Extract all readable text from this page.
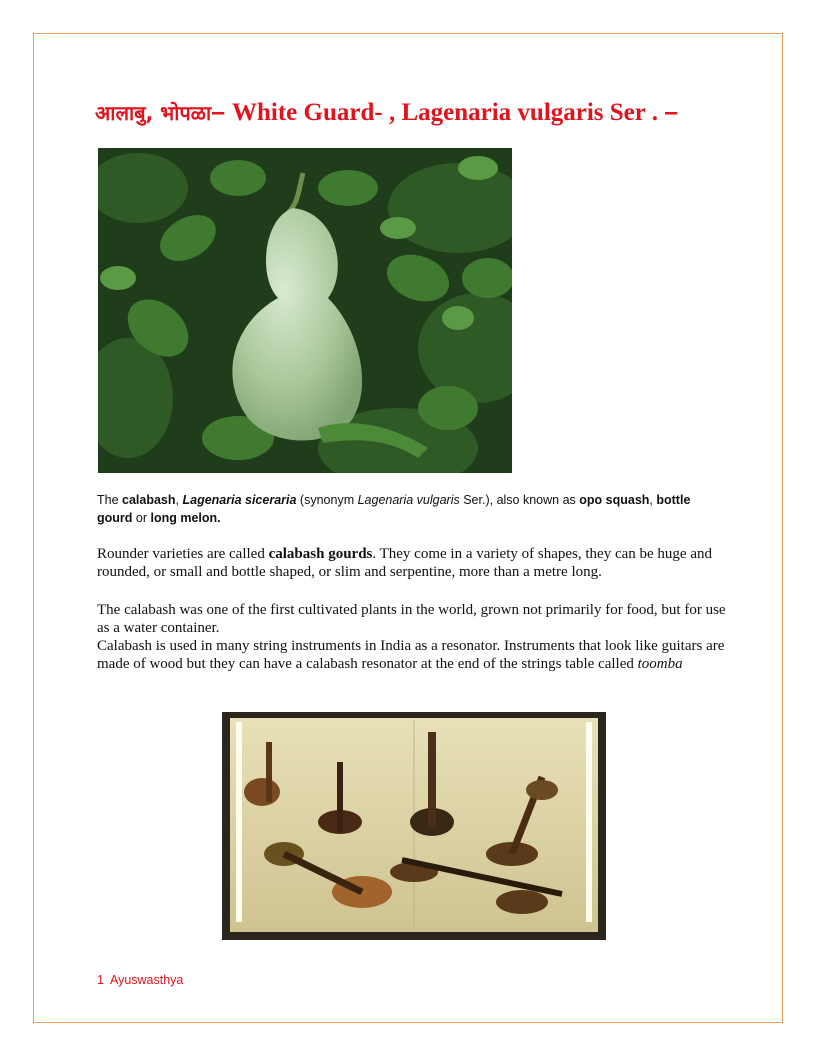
आलाबु, भोपळा– White Guard- , Lagenaria vulgaris Ser . –
The calabash, Lagenaria siceraria (synonym Lagenaria vulgaris Ser.), also known as opo squash, bottle gourd or long melon.
Rounder varieties are called calabash gourds. They come in a variety of shapes, they can be huge and rounded, or small and bottle shaped, or slim and serpentine, more than a metre long.
The calabash was one of the first cultivated plants in the world, grown not primarily for food, but for use as a water container.
Calabash is used in many string instruments in India as a resonator. Instruments that look like guitars are made of wood but they can have a calabash resonator at the end of the strings table called toomba
1 Ayuswasthya
